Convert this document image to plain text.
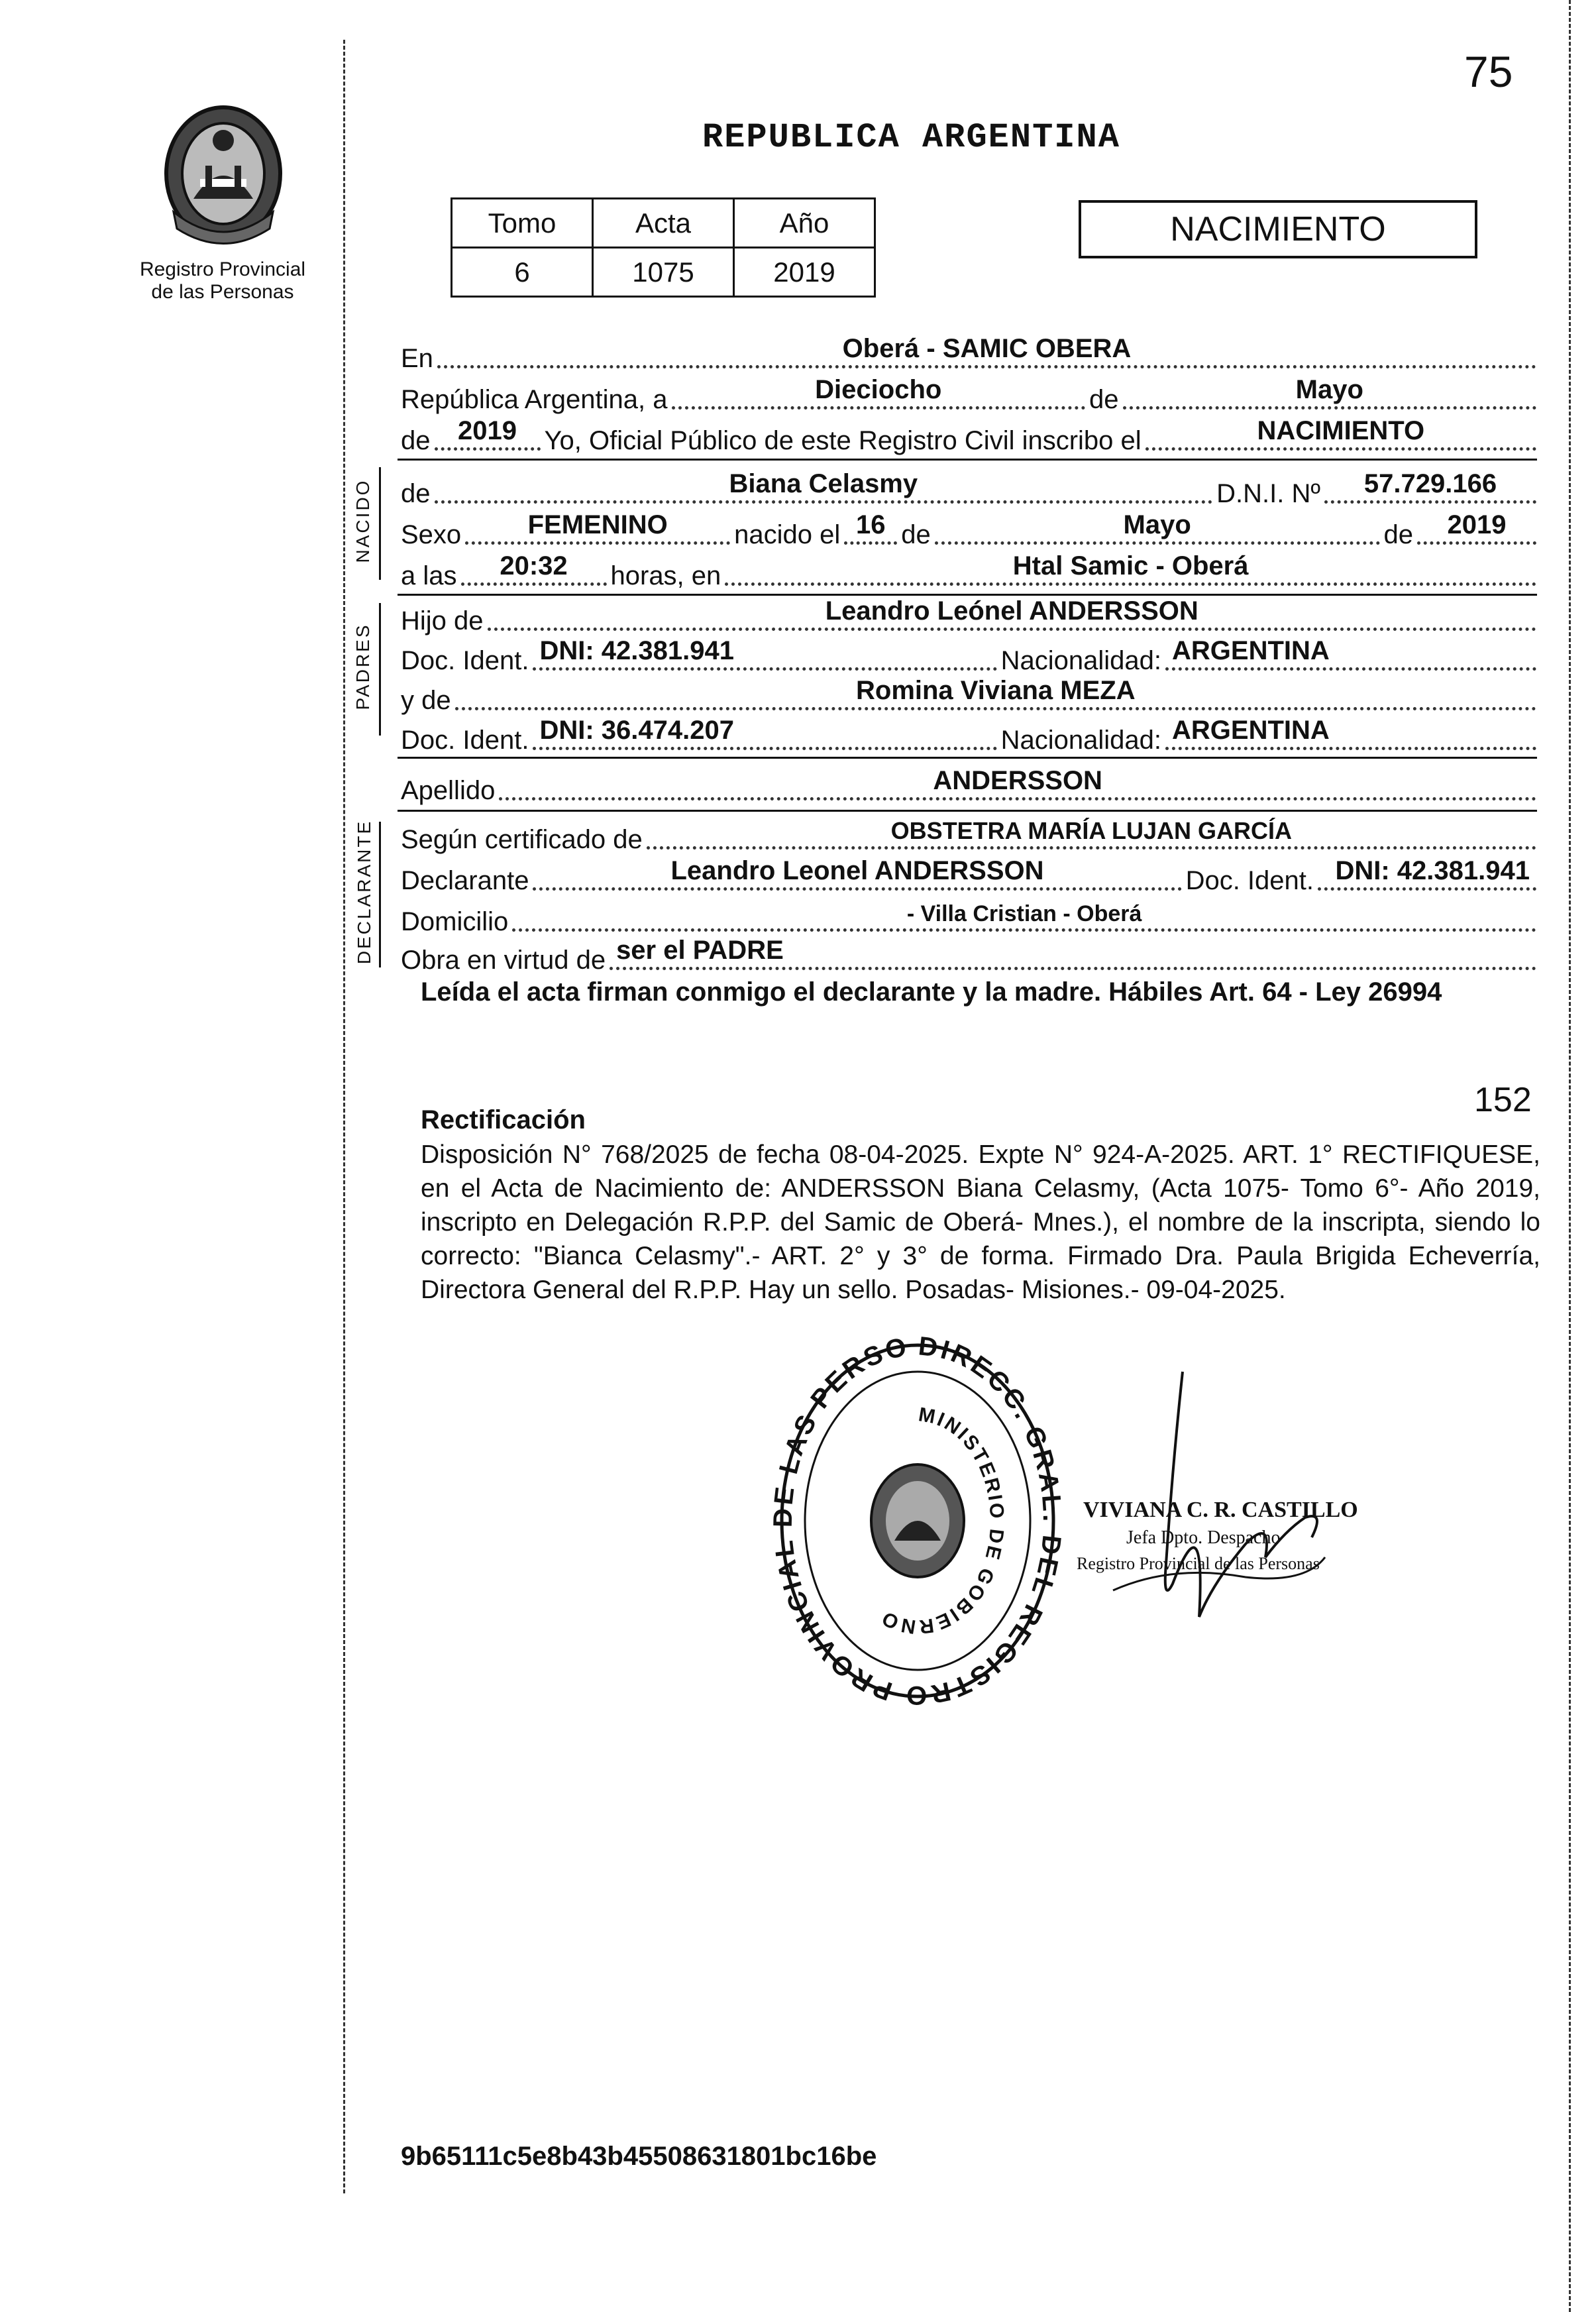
75
Registro Provincial
de las Personas
REPUBLICA ARGENTINA
Tomo	Acta	Año
6	1075	2019
NACIMIENTO
En	Oberá - SAMIC OBERA
República Argentina, a	Dieciocho	de	Mayo
de 2019 Yo, Oficial Público de este Registro Civil inscribo el	NACIMIENTO
NACIDO de	Biana Celasmy	D.N.I. Nº 57.729.166
Sexo	FEMENINO	nacido el 16 de	Mayo	de 2019
a las 20:32 horas, en	Htal Samic - Oberá
PADRES
Hijo de	Leandro Leónel ANDERSSON
Doc. Ident. DNI: 42.381.941	Nacionalidad: ARGENTINA
y de	Romina Viviana MEZA
Doc. Ident. DNI: 36.474.207	Nacionalidad: ARGENTINA
Apellido	ANDERSSON
DECLARANTE Según certificado de	OBSTETRA MARÍA LUJAN GARCÍA
Declarante	Leandro Leonel ANDERSSON	Doc. Ident. DNI: 42.381.941
Domicilio	- Villa Cristian - Oberá
Obra en virtud de ser el PADRE
Leída el acta firman conmigo el declarante y la madre. Hábiles Art. 64 - Ley 26994
152
Rectificación
Disposición N° 768/2025 de fecha 08-04-2025. Expte N° 924-A-2025. ART. 1° RECTIFIQUESE, en el Acta de Nacimiento de: ANDERSSON Biana Celasmy, (Acta 1075- Tomo 6°- Año 2019, inscripto en Delegación R.P.P. del Samic de Oberá- Mnes.), el nombre de la inscripta, siendo lo correcto: "Bianca Celasmy".- ART. 2° y 3° de forma. Firmado Dra. Paula Brigida Echeverría, Directora General del R.P.P. Hay un sello. Posadas- Misiones.- 09-04-2025.
DIRECC. GRAL. DEL REGISTRO PROVINCIAL DE LAS PERSO
MINISTERIO DE GOBIERNO
VIVIANA C. R. CASTILLO
Jefa Dpto. Despacho
Registro Provincial de las Personas
9b65111c5e8b43b45508631801bc16be
